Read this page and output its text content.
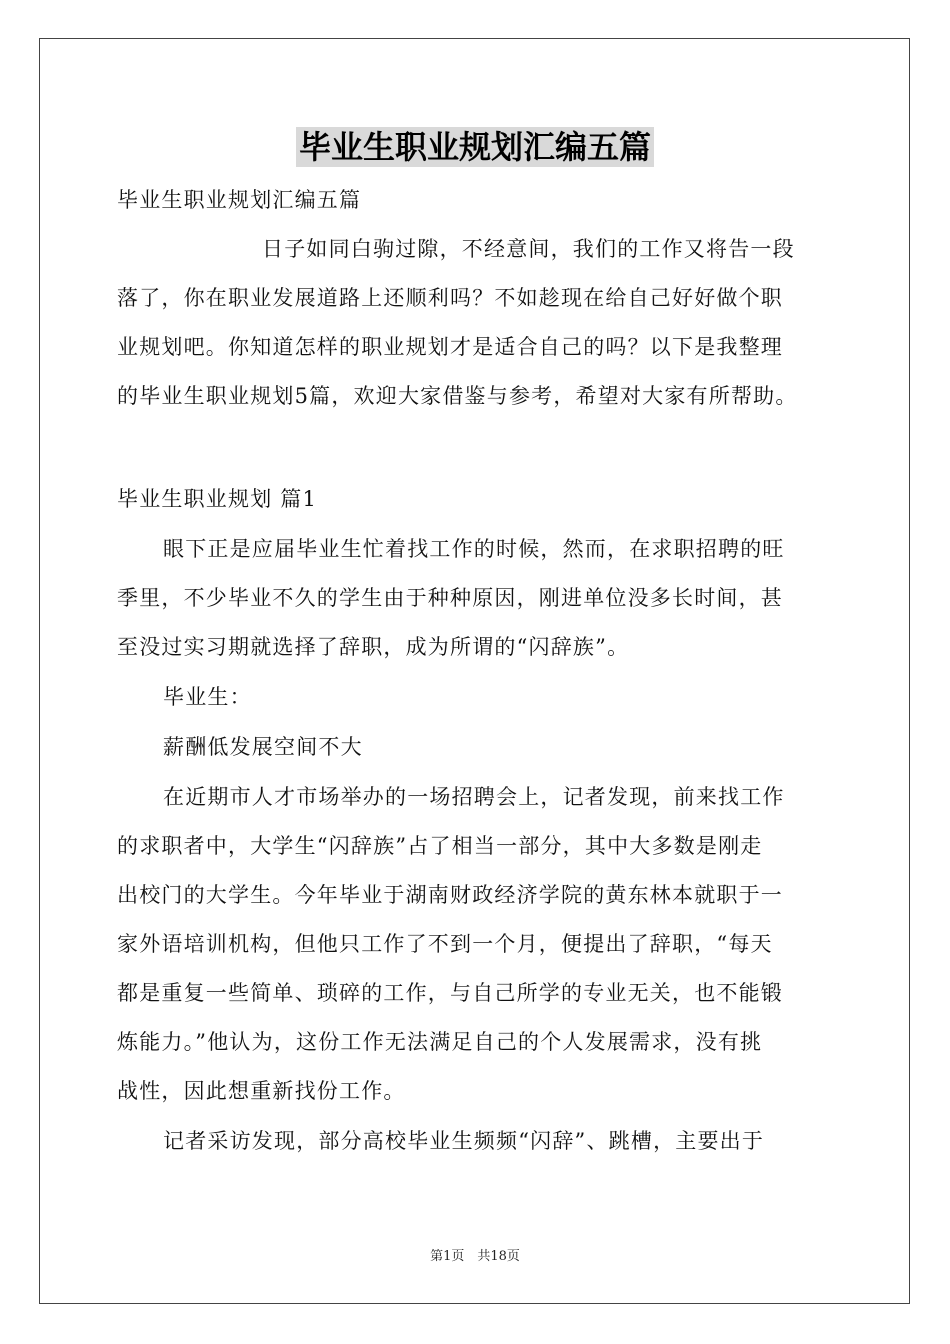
毕业生职业规划汇编五篇
毕业生职业规划汇编五篇
日子如同白驹过隙，不经意间，我们的工作又将告一段
落了，你在职业发展道路上还顺利吗？不如趁现在给自己好好做个职
业规划吧。你知道怎样的职业规划才是适合自己的吗？以下是我整理
的毕业生职业规划5篇，欢迎大家借鉴与参考，希望对大家有所帮助。
毕业生职业规划 篇1
眼下正是应届毕业生忙着找工作的时候，然而，在求职招聘的旺
季里，不少毕业不久的学生由于种种原因，刚进单位没多长时间，甚
至没过实习期就选择了辞职，成为所谓的“闪辞族”。
毕业生：
薪酬低发展空间不大
在近期市人才市场举办的一场招聘会上，记者发现，前来找工作
的求职者中，大学生“闪辞族”占了相当一部分，其中大多数是刚走
出校门的大学生。今年毕业于湖南财政经济学院的黄东林本就职于一
家外语培训机构，但他只工作了不到一个月，便提出了辞职，“每天
都是重复一些简单、琐碎的工作，与自己所学的专业无关，也不能锻
炼能力。”他认为，这份工作无法满足自己的个人发展需求，没有挑
战性，因此想重新找份工作。
记者采访发现，部分高校毕业生频频“闪辞”、跳槽，主要出于
第1页　共18页
